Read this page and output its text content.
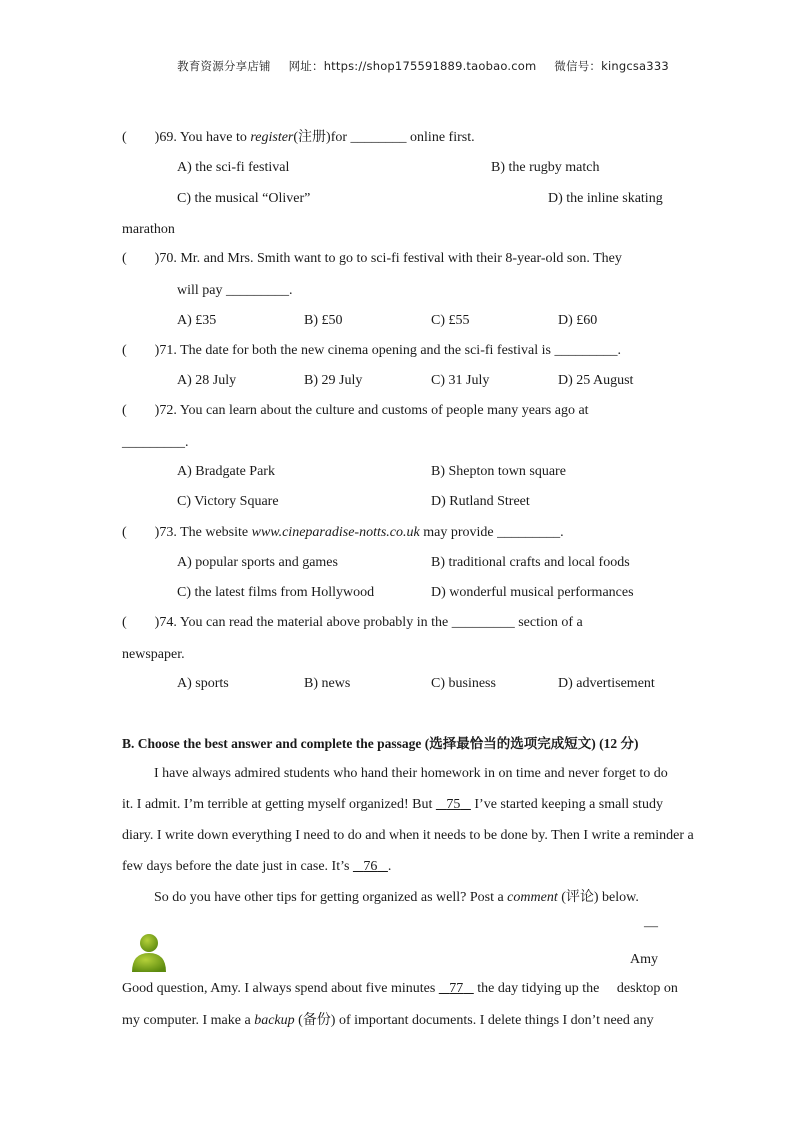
教育资源分享店铺 网址：https://shop175591889.taobao.com 微信号：kingcsa333
(　　)69. You have to register(注册)for ________ online first.
A) the sci-fi festival	B) the rugby match
C) the musical “Oliver”	D) the inline skating
marathon
(　　)70. Mr. and Mrs. Smith want to go to sci-fi festival with their 8-year-old son. They
will pay _________.
A) £35	B) £50	C) £55	D) £60
(　　)71. The date for both the new cinema opening and the sci-fi festival is _________.
A) 28 July	B) 29 July	C) 31 July	D) 25 August
(　　)72. You can learn about the culture and customs of people many years ago at
_________.
A) Bradgate Park	B) Shepton town square
C) Victory Square	D) Rutland Street
(　　)73. The website www.cineparadise-notts.co.uk may provide _________.
A) popular sports and games	B) traditional crafts and local foods
C) the latest films from Hollywood	D) wonderful musical performances
(　　)74. You can read the material above probably in the _________ section of a
newspaper.
A) sports	B) news	C) business	D) advertisement
B. Choose the best answer and complete the passage (选择最恰当的选项完成短文) (12 分)
I have always admired students who hand their homework in on time and never forget to do
it. I admit. I’m terrible at getting myself organized! But 75 I’ve started keeping a small study
diary. I write down everything I need to do and when it needs to be done by. Then I write a reminder a
few days before the date just in case. It’s 76 .
So do you have other tips for getting organized as well? Post a comment (评论) below.
—
Amy
Good question, Amy. I always spend about five minutes 77 the day tidying up the     desktop on
my computer. I make a backup (备份) of important documents. I delete things I don’t need any
